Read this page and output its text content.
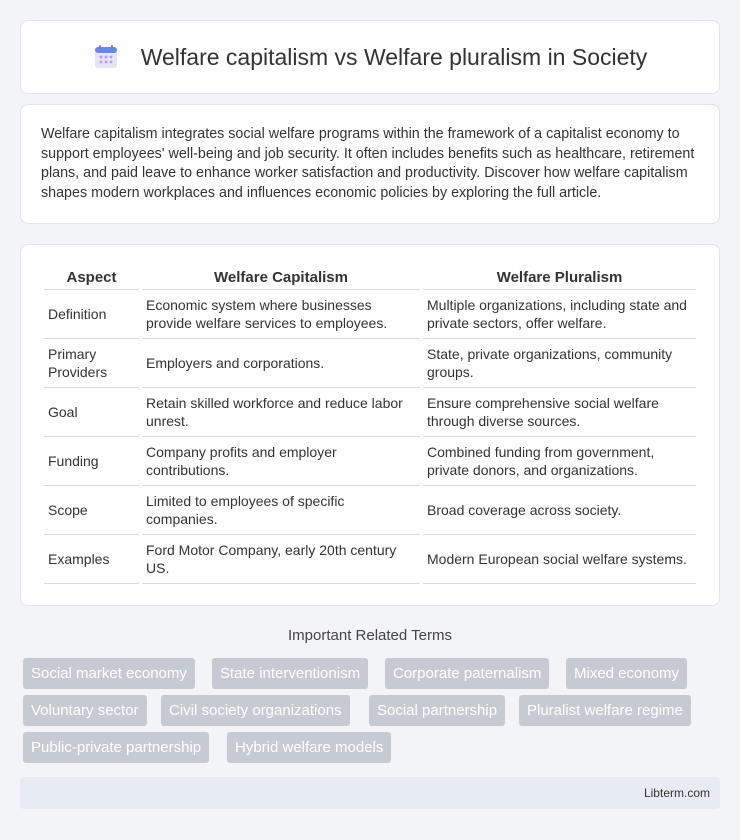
Welfare capitalism vs Welfare pluralism in Society

Welfare capitalism integrates social welfare programs within the framework of a capitalist economy to support employees' well-being and job security. It often includes benefits such as healthcare, retirement plans, and paid leave to enhance worker satisfaction and productivity. Discover how welfare capitalism shapes modern workplaces and influences economic policies by exploring the full article.

Aspect	Welfare Capitalism	Welfare Pluralism
Definition	Economic system where businesses provide welfare services to employees.	Multiple organizations, including state and private sectors, offer welfare.
Primary Providers	Employers and corporations.	State, private organizations, community groups.
Goal	Retain skilled workforce and reduce labor unrest.	Ensure comprehensive social welfare through diverse sources.
Funding	Company profits and employer contributions.	Combined funding from government, private donors, and organizations.
Scope	Limited to employees of specific companies.	Broad coverage across society.
Examples	Ford Motor Company, early 20th century US.	Modern European social welfare systems.
Important Related Terms
Social market economy	State interventionism	Corporate paternalism	Mixed economy
Voluntary sector	Civil society organizations	Social partnership	Pluralist welfare regime
Public-private partnership	Hybrid welfare models
Libterm.com
